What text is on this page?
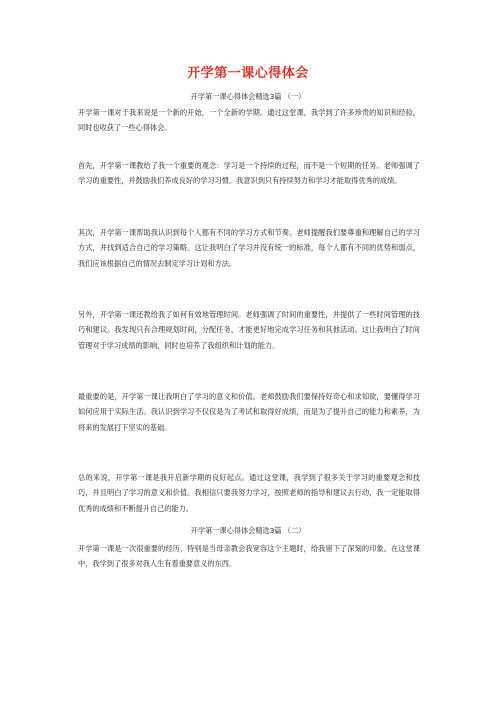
开学第一课心得体会
开学第一课心得体会精选3篇 （一）
开学第一课对于我来说是一个新的开始，一个全新的学期。通过这堂课，我学到了许多珍贵的知识和经验，同时也收获了一些心得体会。
首先，开学第一课教给了我一个重要的观念：学习是一个持续的过程，而不是一个短期的任务。老师强调了学习的重要性，并鼓励我们养成良好的学习习惯。我意识到只有持续努力和学习才能取得优秀的成绩。
其次，开学第一课帮助我认识到每个人都有不同的学习方式和节奏。老师提醒我们要尊重和理解自己的学习方式，并找到适合自己的学习策略。这让我明白了学习并没有统一的标准，每个人都有不同的优势和弱点，我们应该根据自己的情况去制定学习计划和方法。
另外，开学第一课还教给我了如何有效地管理时间。老师强调了时间的重要性，并提供了一些时间管理的技巧和建议。我发现只有合理规划时间，分配任务，才能更好地完成学习任务和其他活动。这让我明白了时间管理对于学习成绩的影响，同时也培养了我组织和计划的能力。
最重要的是，开学第一课让我明白了学习的意义和价值。老师鼓励我们要保持好奇心和求知欲，要懂得学习如何应用于实际生活。我认识到学习不仅仅是为了考试和取得好成绩，而是为了提升自己的能力和素养，为将来的发展打下坚实的基础。
总的来说，开学第一课是我开启新学期的良好起点。通过这堂课，我学到了很多关于学习的重要观念和技巧，并且明白了学习的意义和价值。我相信只要我努力学习，按照老师的指导和建议去行动，我一定能取得优秀的成绩和不断提升自己的能力。
开学第一课心得体会精选3篇 （二）
开学第一课是一次很重要的经历，特别是当母亲教会我宽容这个主题时，给我留下了深刻的印象。在这堂课中，我学到了很多对我人生有着重要意义的东西。
